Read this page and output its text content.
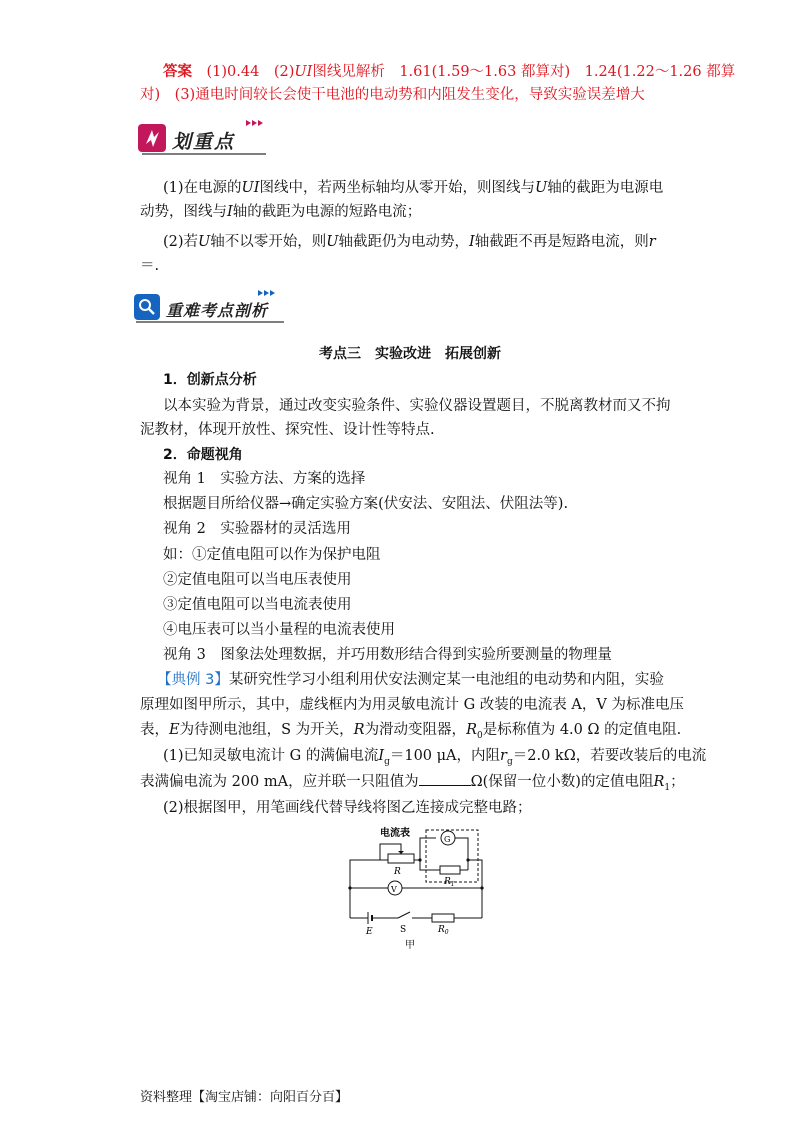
答案　 (1)0.44　(2)UI图线见解析　1.61(1.59～1.63 都算对)　1.24(1.22～1.26 都算
对)　(3)通电时间较长会使干电池的电动势和内阻发生变化，导致实验误差增大
划重点
(1)在电源的UI图线中，若两坐标轴均从零开始，则图线与U轴的截距为电源电
动势，图线与I轴的截距为电源的短路电流；
(2)若U轴不以零开始，则U轴截距仍为电动势，I轴截距不再是短路电流，则r
＝.
重难考点剖析
考点三　实验改进　拓展创新
1．创新点分析
以本实验为背景，通过改变实验条件、实验仪器设置题目，不脱离教材而又不拘
泥教材，体现开放性、探究性、设计性等特点.
2．命题视角
视角 1　实验方法、方案的选择
根据题目所给仪器→确定实验方案(伏安法、安阻法、伏阻法等).
视角 2　实验器材的灵活选用
如：①定值电阻可以作为保护电阻
②定值电阻可以当电压表使用
③定值电阻可以当电流表使用
④电压表可以当小量程的电流表使用
视角 3　图象法处理数据，并巧用数形结合得到实验所要测量的物理量
【典例 3】某研究性学习小组利用伏安法测定某一电池组的电动势和内阻，实验
原理如图甲所示，其中，虚线框内为用灵敏电流计 G 改装的电流表 A，V 为标准电压
表，E为待测电池组，S 为开关，R为滑动变阻器，$R_0$是标称值为 4.0 Ω 的定值电阻.
(1)已知灵敏电流计 G 的满偏电流$I_g=100$ μA，内阻$r_g=2.0$ kΩ，若要改装后的电流
表满偏电流为 200 mA，应并联一只阻值为	Ω(保留一位小数)的定值电阻$R_1$；
(2)根据图甲，用笔画线代替导线将图乙连接成完整电路；
电流表
G
V
R
$R_1$
E	S	$R_0$
甲
资料整理【淘宝店铺：向阳百分百】
